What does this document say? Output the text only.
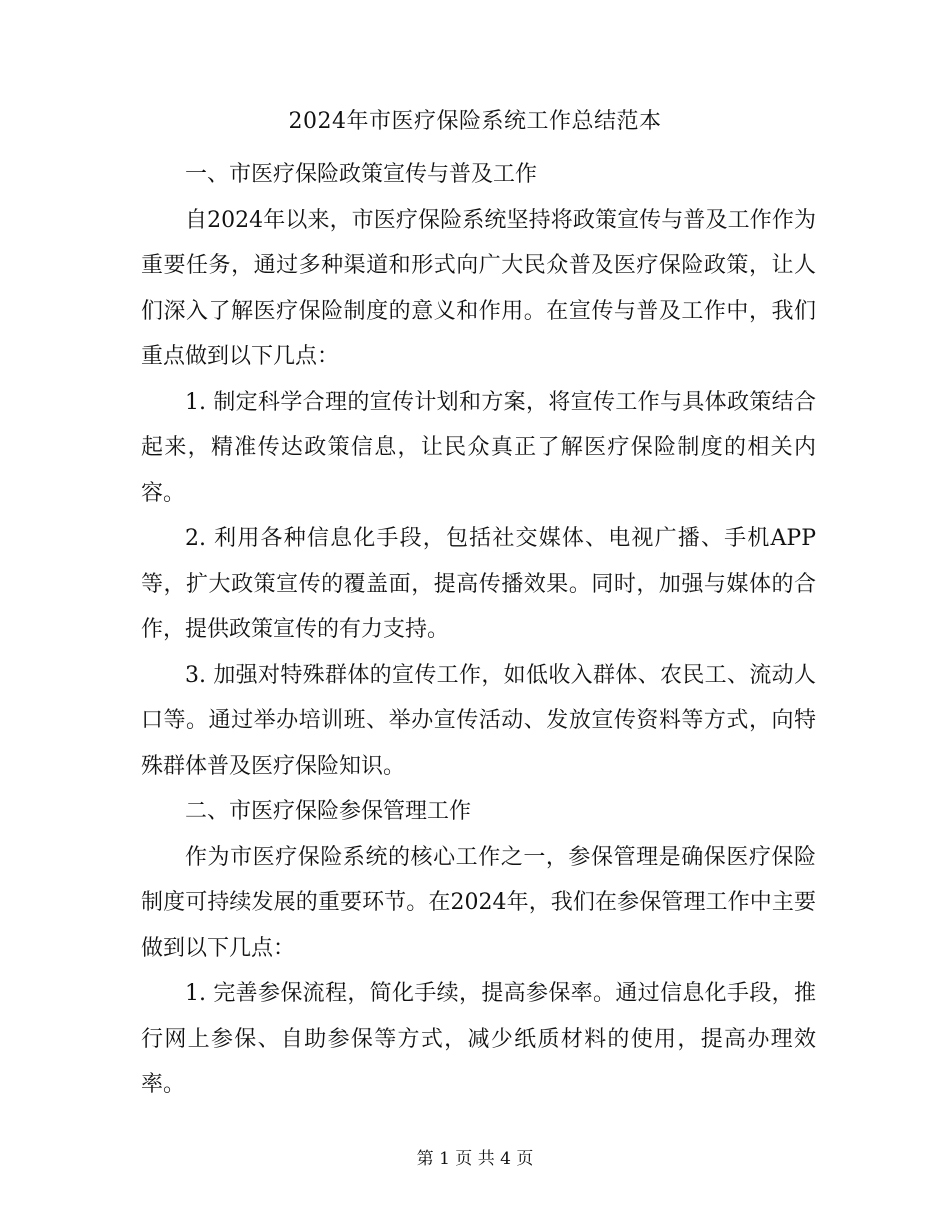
2024年市医疗保险系统工作总结范本

一、市医疗保险政策宣传与普及工作

自2024年以来，市医疗保险系统坚持将政策宣传与普及工作作为重要任务，通过多种渠道和形式向广大民众普及医疗保险政策，让人们深入了解医疗保险制度的意义和作用。在宣传与普及工作中，我们重点做到以下几点：

1. 制定科学合理的宣传计划和方案，将宣传工作与具体政策结合起来，精准传达政策信息，让民众真正了解医疗保险制度的相关内容。

2. 利用各种信息化手段，包括社交媒体、电视广播、手机APP等，扩大政策宣传的覆盖面，提高传播效果。同时，加强与媒体的合作，提供政策宣传的有力支持。

3. 加强对特殊群体的宣传工作，如低收入群体、农民工、流动人口等。通过举办培训班、举办宣传活动、发放宣传资料等方式，向特殊群体普及医疗保险知识。

二、市医疗保险参保管理工作

作为市医疗保险系统的核心工作之一，参保管理是确保医疗保险制度可持续发展的重要环节。在2024年，我们在参保管理工作中主要做到以下几点：

1. 完善参保流程，简化手续，提高参保率。通过信息化手段，推行网上参保、自助参保等方式，减少纸质材料的使用，提高办理效率。

第 1 页 共 4 页
